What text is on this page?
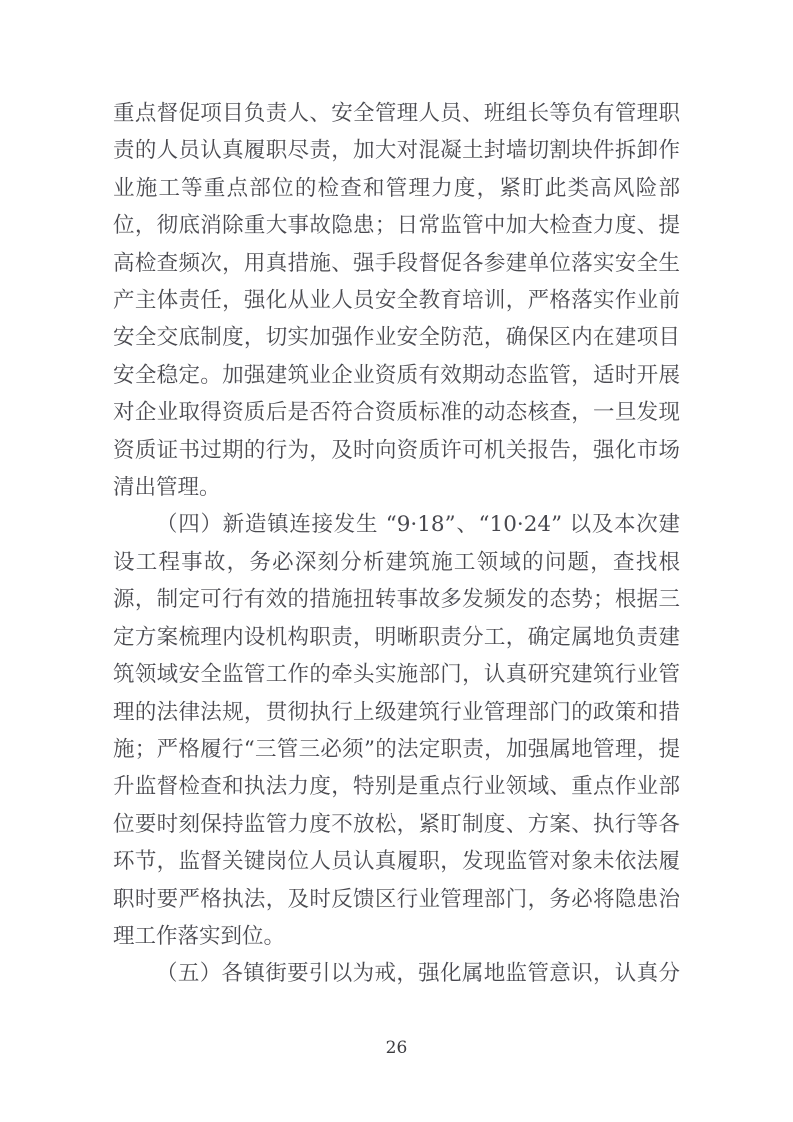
重点督促项目负责人、安全管理人员、班组长等负有管理职责的人员认真履职尽责，加大对混凝土封墙切割块件拆卸作业施工等重点部位的检查和管理力度，紧盯此类高风险部位，彻底消除重大事故隐患；日常监管中加大检查力度、提高检查频次，用真措施、强手段督促各参建单位落实安全生产主体责任，强化从业人员安全教育培训，严格落实作业前安全交底制度，切实加强作业安全防范，确保区内在建项目安全稳定。加强建筑业企业资质有效期动态监管，适时开展对企业取得资质后是否符合资质标准的动态核查，一旦发现资质证书过期的行为，及时向资质许可机关报告，强化市场清出管理。

（四）新造镇连接发生 “9·18”、“10·24” 以及本次建设工程事故，务必深刻分析建筑施工领域的问题，查找根源，制定可行有效的措施扭转事故多发频发的态势；根据三定方案梳理内设机构职责，明晰职责分工，确定属地负责建筑领域安全监管工作的牵头实施部门，认真研究建筑行业管理的法律法规，贯彻执行上级建筑行业管理部门的政策和措施；严格履行“三管三必须”的法定职责，加强属地管理，提升监督检查和执法力度，特别是重点行业领域、重点作业部位要时刻保持监管力度不放松，紧盯制度、方案、执行等各环节，监督关键岗位人员认真履职，发现监管对象未依法履职时要严格执法，及时反馈区行业管理部门，务必将隐患治理工作落实到位。

（五）各镇街要引以为戒，强化属地监管意识，认真分

26
